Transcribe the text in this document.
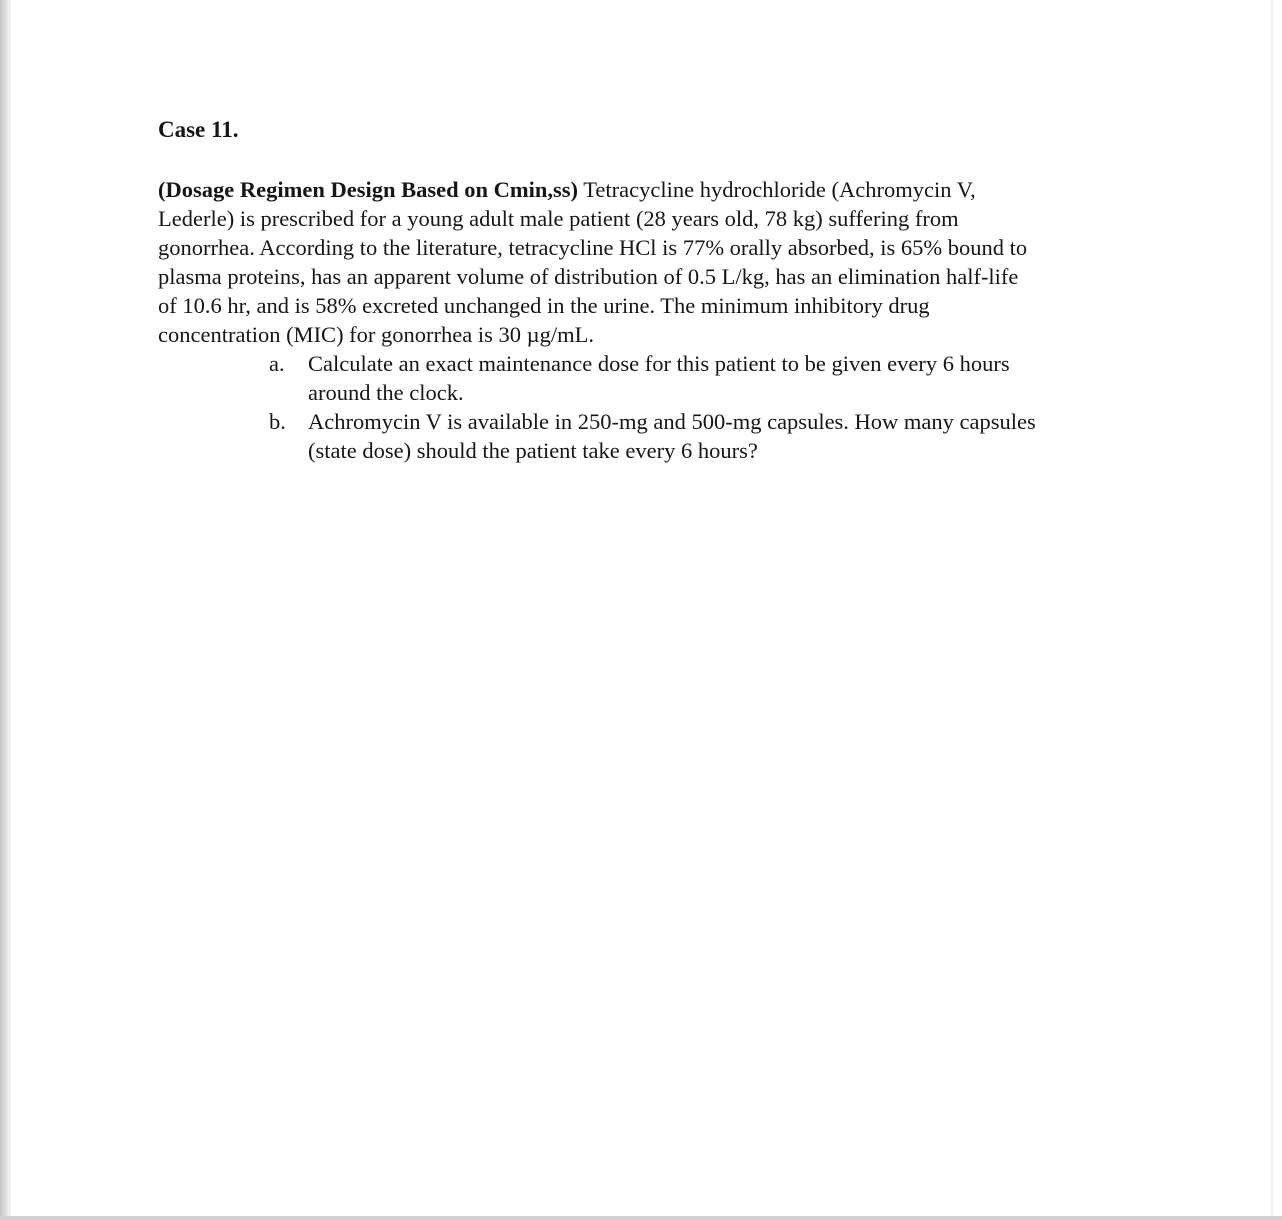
Case 11.
(Dosage Regimen Design Based on Cmin,ss) Tetracycline hydrochloride (Achromycin V,
Lederle) is prescribed for a young adult male patient (28 years old, 78 kg) suffering from
gonorrhea. According to the literature, tetracycline HCl is 77% orally absorbed, is 65% bound to
plasma proteins, has an apparent volume of distribution of 0.5 L/kg, has an elimination half-life
of 10.6 hr, and is 58% excreted unchanged in the urine. The minimum inhibitory drug
concentration (MIC) for gonorrhea is 30 µg/mL.
a.	Calculate an exact maintenance dose for this patient to be given every 6 hours
around the clock.
b. Achromycin V is available in 250-mg and 500-mg capsules. How many capsules
(state dose) should the patient take every 6 hours?
